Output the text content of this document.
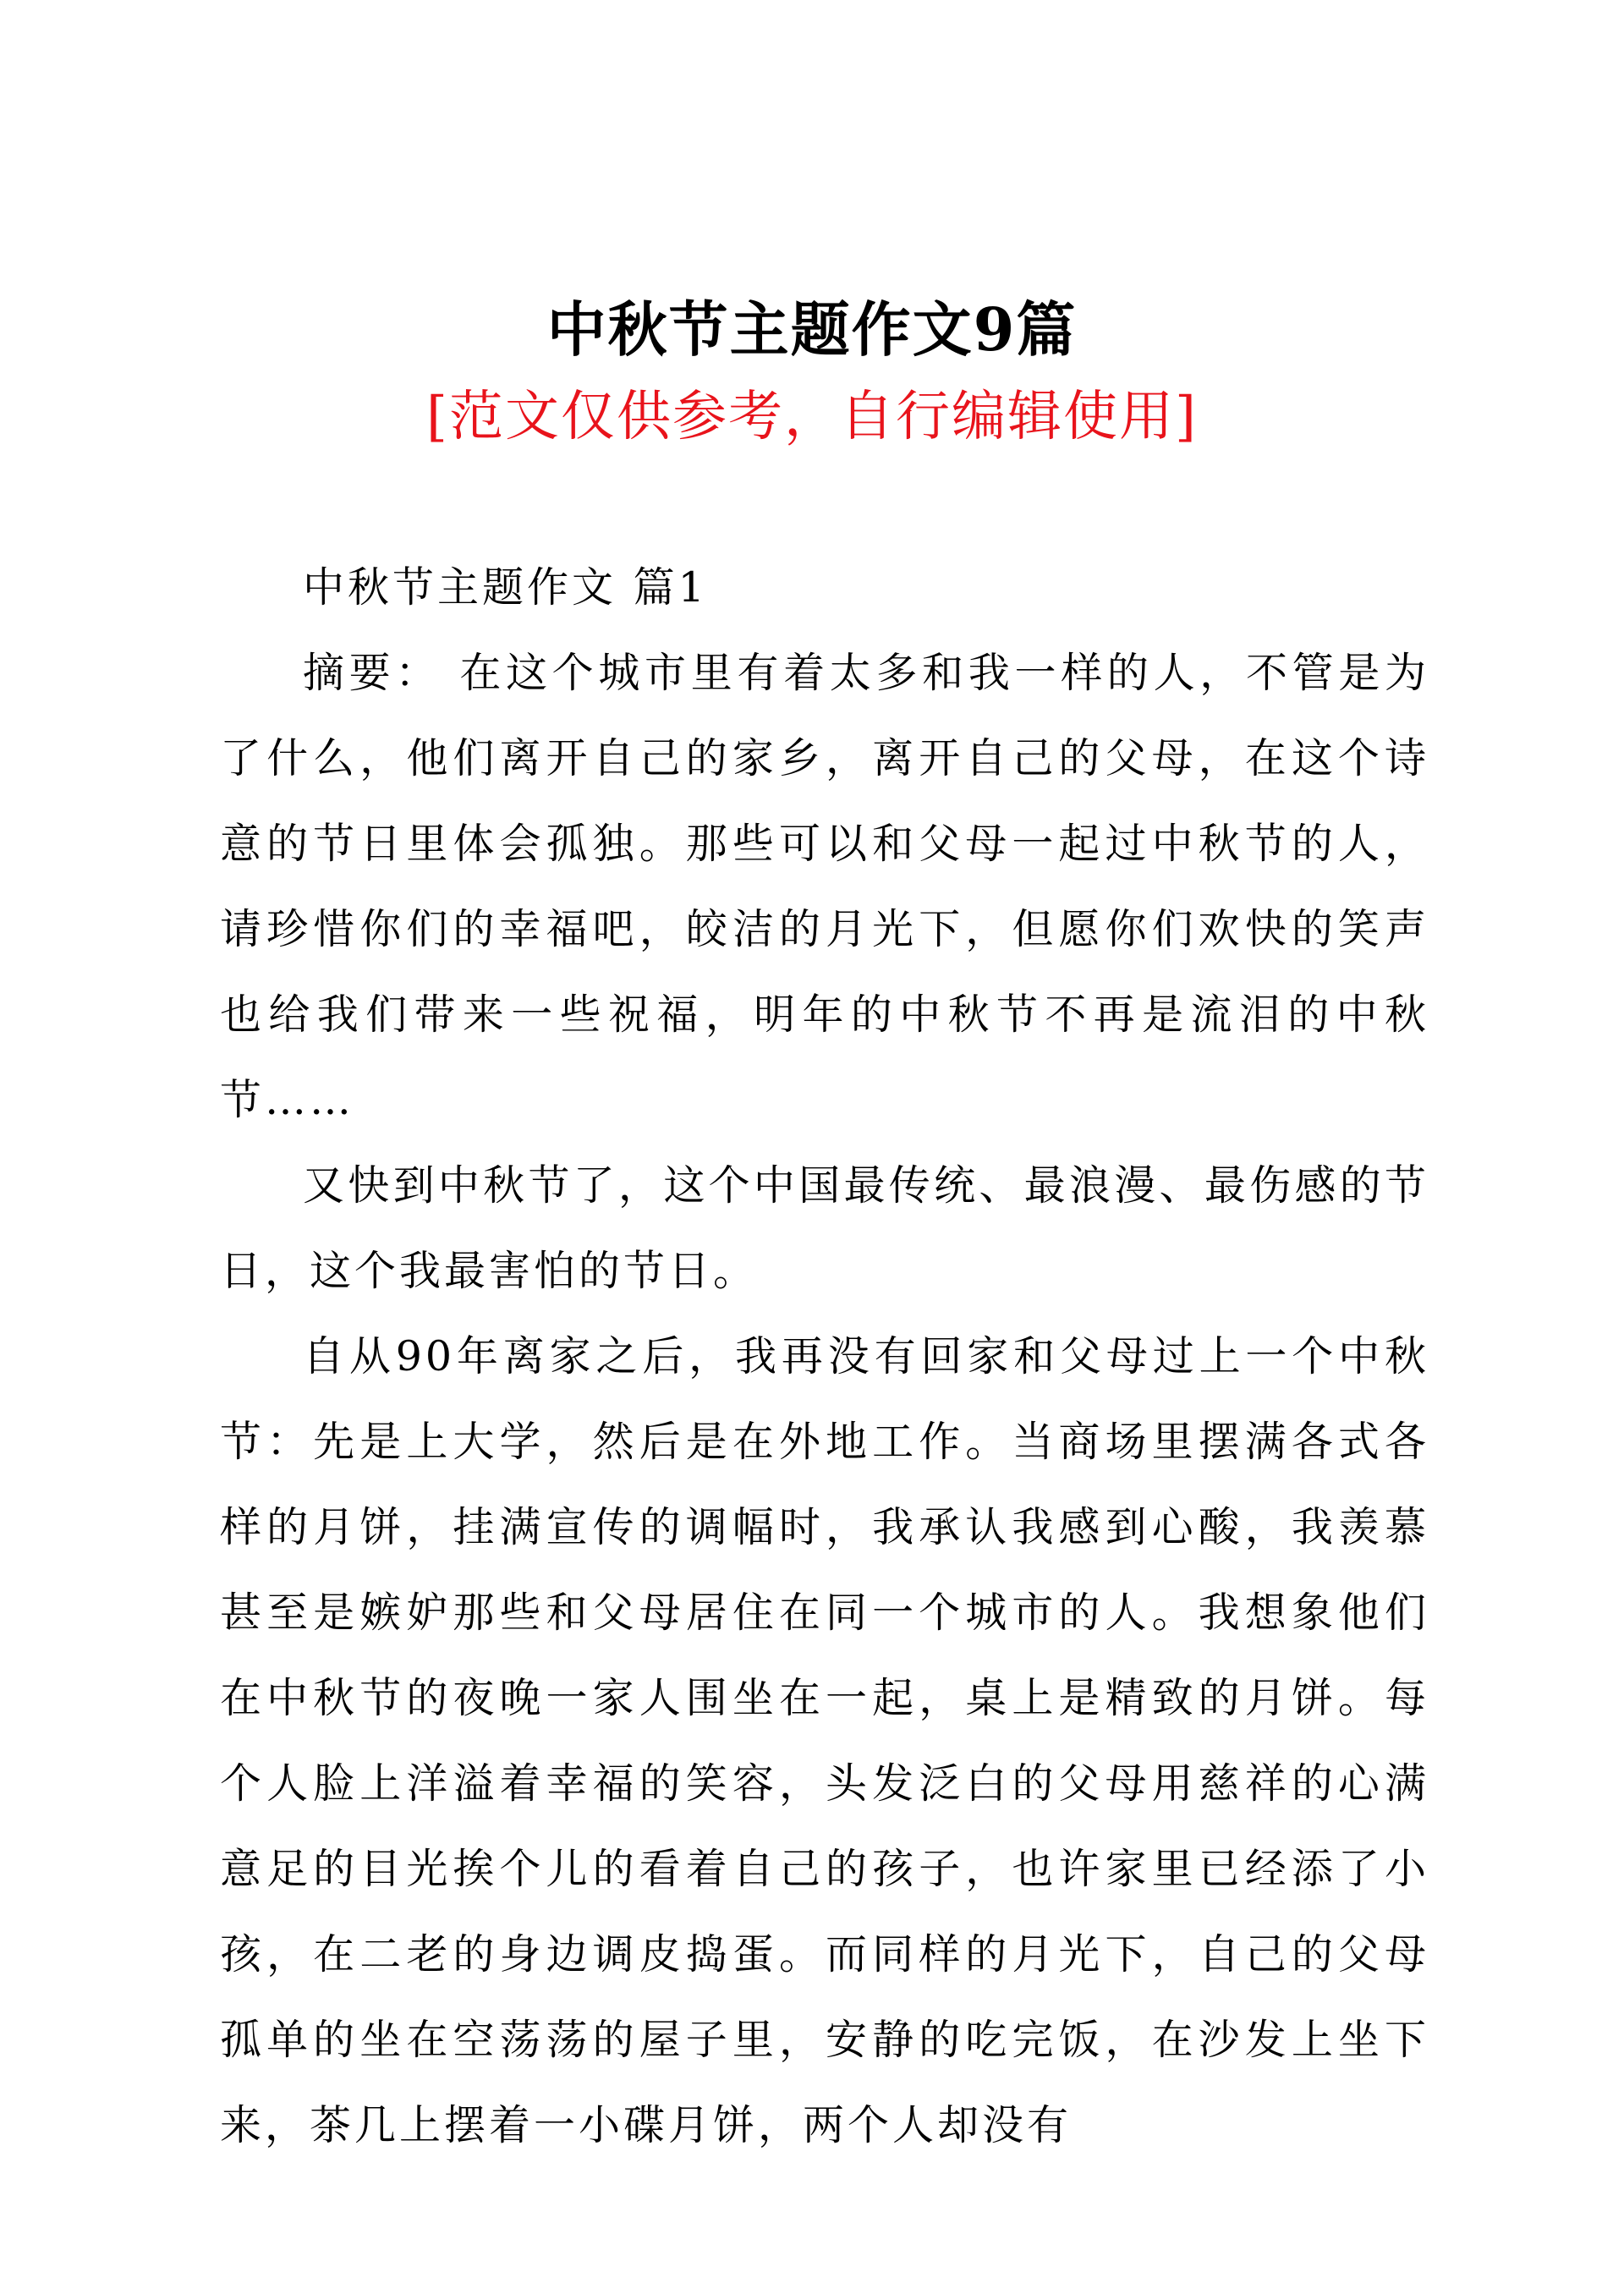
中秋节主题作文9篇
[范文仅供参考，自行编辑使用]

中秋节主题作文 篇1

摘要： 在这个城市里有着太多和我一样的人，不管是为了什么，他们离开自己的家乡，离开自己的父母，在这个诗意的节日里体会孤独。那些可以和父母一起过中秋节的人，请珍惜你们的幸福吧，皎洁的月光下，但愿你们欢快的笑声也给我们带来一些祝福，明年的中秋节不再是流泪的中秋节……

又快到中秋节了，这个中国最传统、最浪漫、最伤感的节日，这个我最害怕的节日。

自从90年离家之后，我再没有回家和父母过上一个中秋节：先是上大学，然后是在外地工作。当商场里摆满各式各样的月饼，挂满宣传的调幅时，我承认我感到心酸，我羡慕甚至是嫉妒那些和父母居住在同一个城市的人。我想象他们在中秋节的夜晚一家人围坐在一起，桌上是精致的月饼。每个人脸上洋溢着幸福的笑容，头发泛白的父母用慈祥的心满意足的目光挨个儿的看着自己的孩子，也许家里已经添了小孩，在二老的身边调皮捣蛋。而同样的月光下，自己的父母孤单的坐在空荡荡的屋子里，安静的吃完饭，在沙发上坐下来，茶几上摆着一小碟月饼，两个人却没有
